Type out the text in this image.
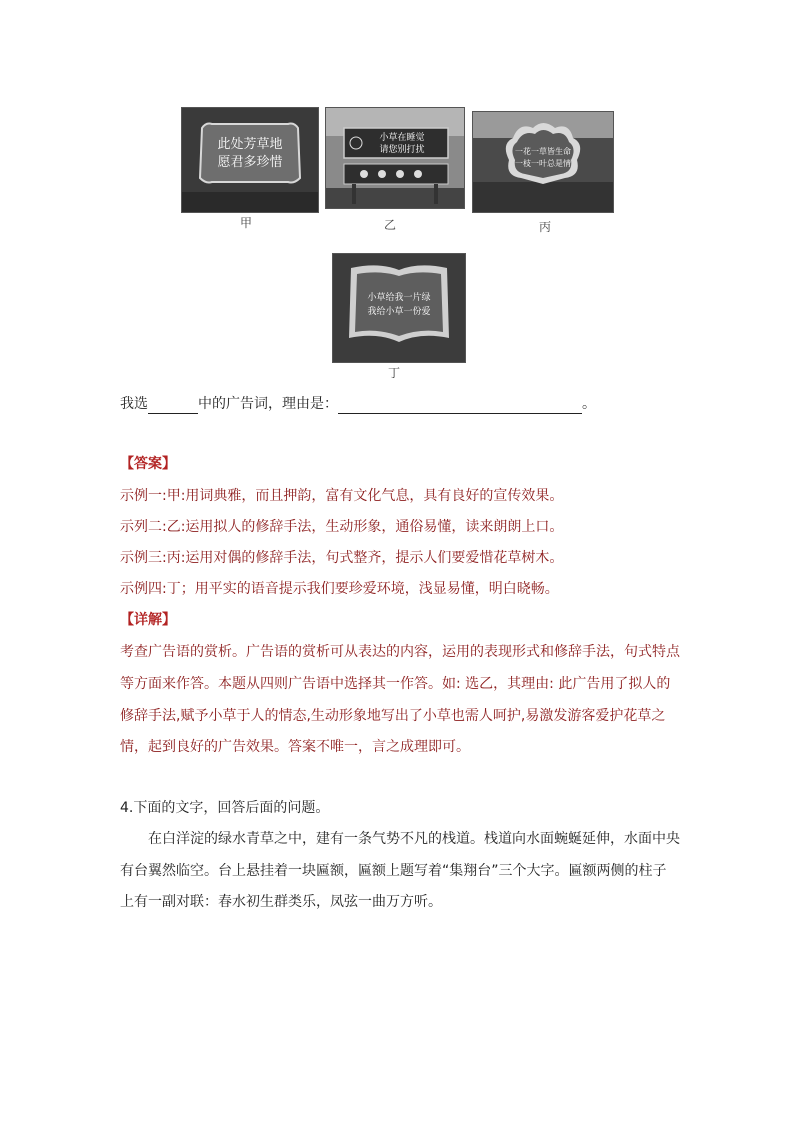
此处芳草地
愿君多珍惜
甲
小草在睡觉
请您别打扰
乙
一花一草皆生命
一枝一叶总是情
丙
小草给我一片绿
我给小草一份爱
丁
我选	中的广告词，理由是：	。
【答案】
示例一:甲:用词典雅，而且押韵，富有文化气息，具有良好的宣传效果。
示列二:乙:运用拟人的修辞手法，生动形象，通俗易懂，读来朗朗上口。
示例三:丙:运用对偶的修辞手法，句式整齐，提示人们要爱惜花草树木。
示例四:丁；用平实的语音提示我们要珍爱环境，浅显易懂，明白晓畅。
【详解】
考查广告语的赏析。广告语的赏析可从表达的内容，运用的表现形式和修辞手法，句式特点
等方面来作答。本题从四则广告语中选择其一作答。如: 选乙，其理由: 此广告用了拟人的
修辞手法,赋予小草于人的情态,生动形象地写出了小草也需人呵护,易激发游客爱护花草之
情，起到良好的广告效果。答案不唯一，言之成理即可。
4.下面的文字，回答后面的问题。
在白洋淀的绿水青草之中，建有一条气势不凡的栈道。栈道向水面蜿蜒延伸，水面中央
有台翼然临空。台上悬挂着一块匾额，匾额上题写着“集翔台”三个大字。匾额两侧的柱子
上有一副对联：春水初生群类乐，凤弦一曲万方听。
